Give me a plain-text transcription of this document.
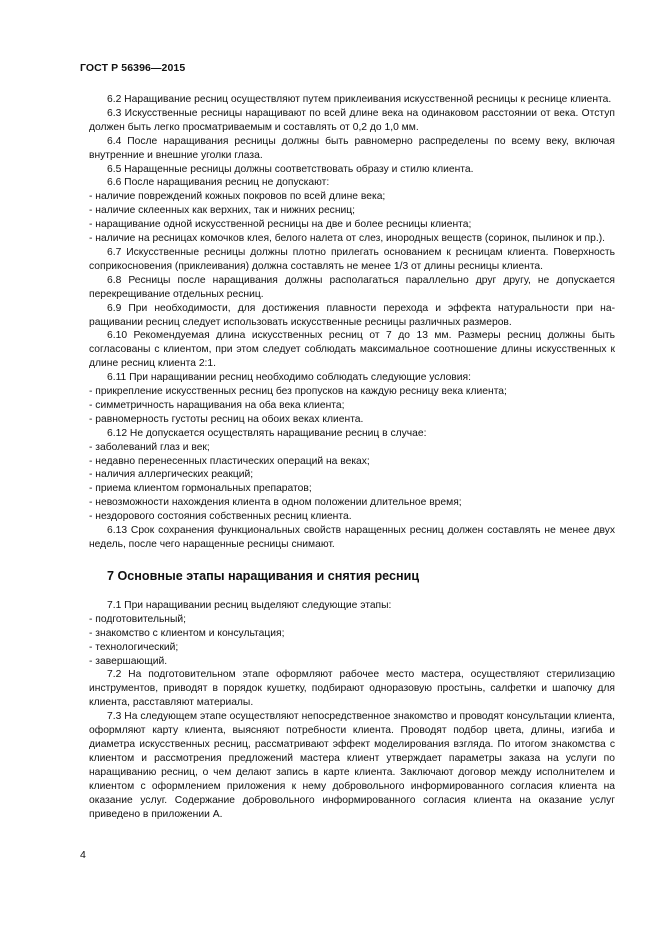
ГОСТ Р 56396—2015

6.2 Наращивание ресниц осуществляют путем приклеивания искусственной ресницы к реснице клиента.

6.3 Искусственные ресницы наращивают по всей длине века на одинаковом расстоянии от века. Отступ должен быть легко просматриваемым и составлять от 0,2 до 1,0 мм.

6.4 После наращивания ресницы должны быть равномерно распределены по всему веку, включая внутренние и внешние уголки глаза.

6.5 Наращенные ресницы должны соответствовать образу и стилю клиента.

6.6 После наращивания ресниц не допускают:

- наличие повреждений кожных покровов по всей длине века;

- наличие склеенных как верхних, так и нижних ресниц;

- наращивание одной искусственной ресницы на две и более ресницы клиента;

- наличие на ресницах комочков клея, белого налета от слез, инородных веществ (соринок, пылинок и пр.).

6.7 Искусственные ресницы должны плотно прилегать основанием к ресницам клиента. Поверхность соприкосновения (приклеивания) должна составлять не менее 1/3 от длины ресницы клиента.

6.8 Ресницы после наращивания должны располагаться параллельно друг другу, не допускается перекрещивание отдельных ресниц.

6.9 При необходимости, для достижения плавности перехода и эффекта натуральности при наращивании ресниц следует использовать искусственные ресницы различных размеров.

6.10 Рекомендуемая длина искусственных ресниц от 7 до 13 мм. Размеры ресниц должны быть согласованы с клиентом, при этом следует соблюдать максимальное соотношение длины искусственных к длине ресниц клиента 2:1.

6.11 При наращивании ресниц необходимо соблюдать следующие условия:

- прикрепление искусственных ресниц без пропусков на каждую ресницу века клиента;

- симметричность наращивания на оба века клиента;

- равномерность густоты ресниц на обоих веках клиента.

6.12 Не допускается осуществлять наращивание ресниц в случае:

- заболеваний глаз и век;

- недавно перенесенных пластических операций на веках;

- наличия аллергических реакций;

- приема клиентом гормональных препаратов;

- невозможности нахождения клиента в одном положении длительное время;

- нездорового состояния собственных ресниц клиента.

6.13 Срок сохранения функциональных свойств наращенных ресниц должен составлять не менее двух недель, после чего наращенные ресницы снимают.

7 Основные этапы наращивания и снятия ресниц

7.1 При наращивании ресниц выделяют следующие этапы:

- подготовительный;

- знакомство с клиентом и консультация;

- технологический;

- завершающий.

7.2 На подготовительном этапе оформляют рабочее место мастера, осуществляют стерилизацию инструментов, приводят в порядок кушетку, подбирают одноразовую простынь, салфетки и шапочку для клиента, расставляют материалы.

7.3 На следующем этапе осуществляют непосредственное знакомство и проводят консультации клиента, оформляют карту клиента, выясняют потребности клиента. Проводят подбор цвета, длины, изгиба и диаметра искусственных ресниц, рассматривают эффект моделирования взгляда. По итогом знакомства с клиентом и рассмотрения предложений мастера клиент утверждает параметры заказа на услуги по наращиванию ресниц, о чем делают запись в карте клиента. Заключают договор между исполнителем и клиентом с оформлением приложения к нему добровольного информированного согласия клиента на оказание услуг. Содержание добровольного информированного согласия клиента на оказание услуг приведено в приложении А.

4
